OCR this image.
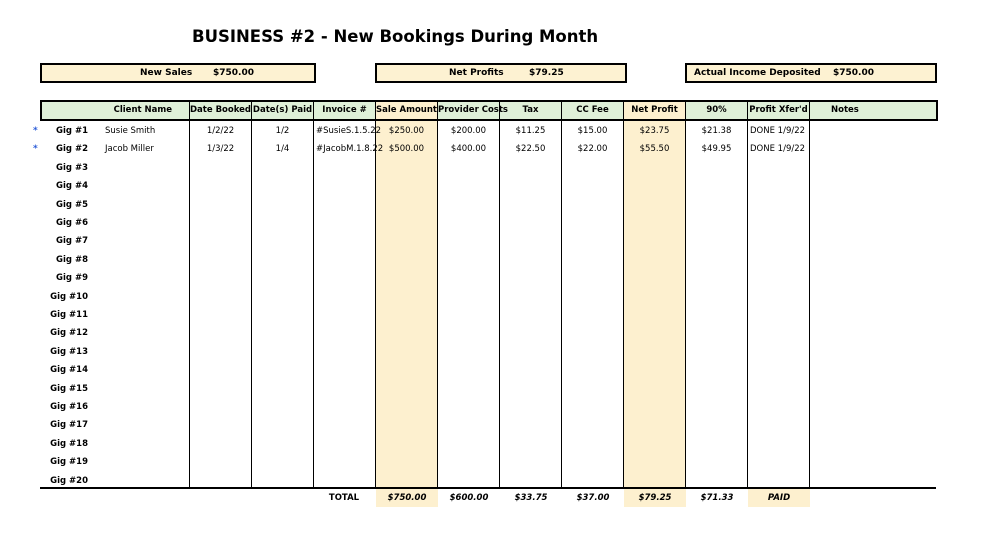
BUSINESS #2 - New Bookings During Month
New Sales $750.00	Net Profits	$79.25	Actual Income Deposited $750.00
Client Name	Date Booked Date(s) Paid	Invoice #	Sale Amount Provider Costs	Tax	CC Fee	Net Profit	90%	Profit Xfer'd	Notes
*	Gig #1 Susie Smith	1/2/22	1/2	#SusieS.1.5.22 $250.00	$200.00	$11.25	$15.00	$23.75	$21.38	DONE 1/9/22
*	Gig #2 Jacob Miller	1/3/22	1/4	#JacobM.1.8.22 $500.00	$400.00	$22.50	$22.00	$55.50	$49.95	DONE 1/9/22
Gig #3
Gig #4
Gig #5
Gig #6
Gig #7
Gig #8
Gig #9
Gig #10
Gig #11
Gig #12
Gig #13
Gig #14
Gig #15
Gig #16
Gig #17
Gig #18
Gig #19
Gig #20
TOTAL	$750.00	$600.00	$33.75	$37.00	$79.25	$71.33	PAID
